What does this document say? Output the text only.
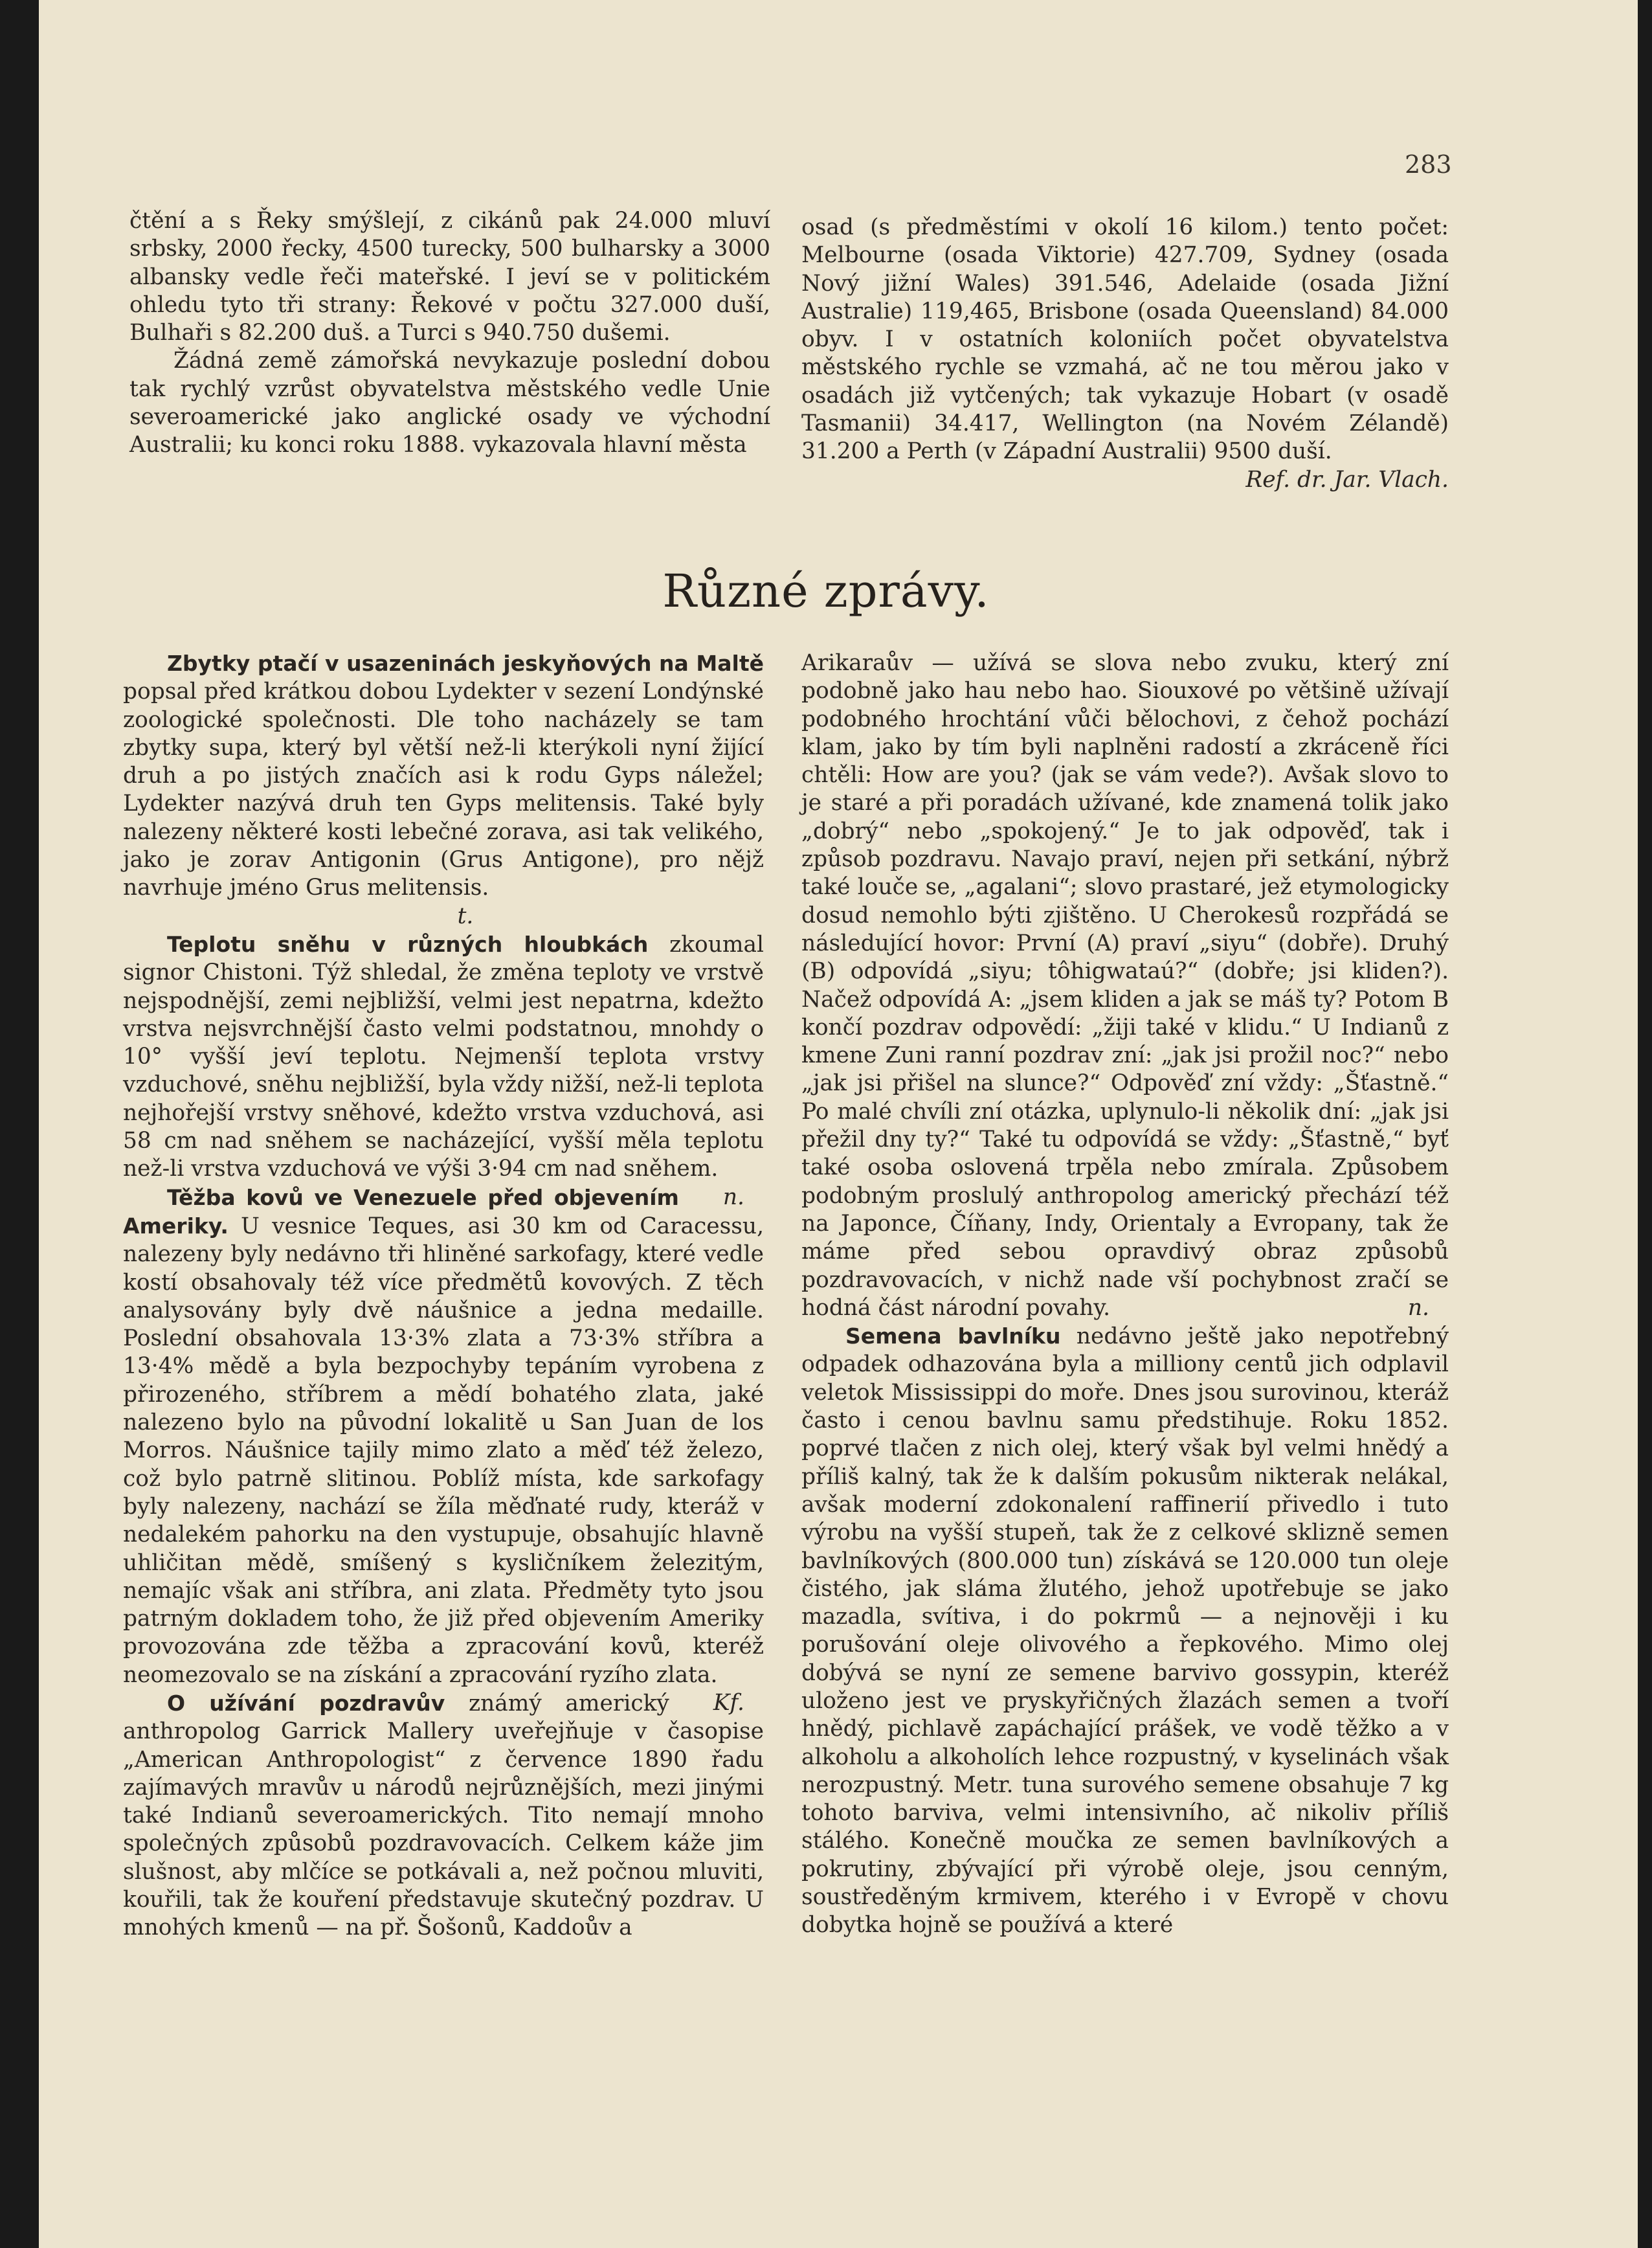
283

čtění a s Řeky smýšlejí, z cikánů pak 24.000 mluví srbsky, 2000 řecky, 4500 turecky, 500 bulharsky a 3000 albansky vedle řeči mateřské. I jeví se v politickém ohledu tyto tři strany: Řekové v počtu 327.000 duší, Bulhaři s 82.200 duš. a Turci s 940.750 dušemi.

Žádná země zámořská nevykazuje poslední dobou tak rychlý vzrůst obyvatelstva městského vedle Unie severoamerické jako anglické osady ve východní Australii; ku konci roku 1888. vykazovala hlavní města

osad (s předměstími v okolí 16 kilom.) tento počet: Melbourne (osada Viktorie) 427.709, Sydney (osada Nový jižní Wales) 391.546, Adelaide (osada Jižní Australie) 119,465, Brisbone (osada Queensland) 84.000 obyv. I v ostatních koloniích počet obyvatelstva městského rychle se vzmahá, ač ne tou měrou jako v osadách již vytčených; tak vykazuje Hobart (v osadě Tasmanii) 34.417, Wellington (na Novém Zélandě) 31.200 a Perth (v Západní Australii) 9500 duší.

Ref. dr. Jar. Vlach.

Různé zprávy.

Zbytky ptačí v usazeninách jeskyňových na Maltě popsal před krátkou dobou Lydekter v sezení Londýnské zoologické společnosti. Dle toho nacházely se tam zbytky supa, který byl větší než-li kterýkoli nyní žijící druh a po jistých značích asi k rodu Gyps náležel; Lydekter nazývá druh ten Gyps melitensis. Také byly nalezeny některé kosti lebečné zorava, asi tak velikého, jako je zorav Antigonin (Grus Antigone), pro nějž navrhuje jméno Grus melitensis.

t.

Teplotu sněhu v různých hloubkách zkoumal signor Chistoni. Týž shledal, že změna teploty ve vrstvě nejspodnější, zemi nejbližší, velmi jest nepatrna, kdežto vrstva nejsvrchnější často velmi podstatnou, mnohdy o 10° vyšší jeví teplotu. Nejmenší teplota vrstvy vzduchové, sněhu nejbližší, byla vždy nižší, než-li teplota nejhořejší vrstvy sněhové, kdežto vrstva vzduchová, asi 58 cm nad sněhem se nacházející, vyšší měla teplotu než-li vrstva vzduchová ve výši 3·94 cm nad sněhem.
n.

Těžba kovů ve Venezuele před objevením Ameriky. U vesnice Teques, asi 30 km od Caracessu, nalezeny byly nedávno tři hliněné sarkofagy, které vedle kostí obsahovaly též více předmětů kovových. Z těch analysovány byly dvě náušnice a jedna medaille. Poslední obsahovala 13·3% zlata a 73·3% stříbra a 13·4% mědě a byla bezpochyby tepáním vyrobena z přirozeného, stříbrem a mědí bohatého zlata, jaké nalezeno bylo na původní lokalitě u San Juan de los Morros. Náušnice tajily mimo zlato a měď též železo, což bylo patrně slitinou. Poblíž místa, kde sarkofagy byly nalezeny, nachází se žíla měďnaté rudy, kteráž v nedalekém pahorku na den vystupuje, obsahujíc hlavně uhličitan mědě, smíšený s kysličníkem železitým, nemajíc však ani stříbra, ani zlata. Předměty tyto jsou patrným dokladem toho, že již před objevením Ameriky provozována zde těžba a zpracování kovů, kteréž neomezovalo se na získání a zpracování ryzího zlata.
Kf.

O užívání pozdravův známý americký anthropolog Garrick Mallery uveřejňuje v časopise „American Anthropologist“ z července 1890 řadu zajímavých mravův u národů nejrůznějších, mezi jinými také Indianů severoamerických. Tito nemají mnoho společných způsobů pozdravovacích. Celkem káže jim slušnost, aby mlčíce se potkávali a, než počnou mluviti, kouřili, tak že kouření představuje skutečný pozdrav. U mnohých kmenů — na př. Šošonů, Kaddoův a

Arikaraův — užívá se slova nebo zvuku, který zní podobně jako hau nebo hao. Siouxové po většině užívají podobného hrochtání vůči bělochovi, z čehož pochází klam, jako by tím byli naplněni radostí a zkráceně říci chtěli: How are you? (jak se vám vede?). Avšak slovo to je staré a při poradách užívané, kde znamená tolik jako „dobrý“ nebo „spokojený.“ Je to jak odpověď, tak i způsob pozdravu. Navajo praví, nejen při setkání, nýbrž také louče se, „agalani“; slovo prastaré, jež etymologicky dosud nemohlo býti zjištěno. U Cherokesů rozpřádá se následující hovor: První (A) praví „siyu“ (dobře). Druhý (B) odpovídá „siyu; tôhigwataú?“ (dobře; jsi kliden?). Načež odpovídá A: „jsem kliden a jak se máš ty? Potom B končí pozdrav odpovědí: „žiji také v klidu.“ U Indianů z kmene Zuni ranní pozdrav zní: „jak jsi prožil noc?“ nebo „jak jsi přišel na slunce?“ Odpověď zní vždy: „Šťastně.“ Po malé chvíli zní otázka, uplynulo-li několik dní: „jak jsi přežil dny ty?“ Také tu odpovídá se vždy: „Šťastně,“ byť také osoba oslovená trpěla nebo zmírala. Způsobem podobným proslulý anthropolog americký přechází též na Japonce, Číňany, Indy, Orientaly a Evropany, tak že máme před sebou opravdivý obraz způsobů pozdravovacích, v nichž nade vší pochybnost zračí se hodná část národní povahy.	n.

Semena bavlníku nedávno ještě jako nepotřebný odpadek odhazována byla a milliony centů jich odplavil veletok Mississippi do moře. Dnes jsou surovinou, kteráž často i cenou bavlnu samu předstihuje. Roku 1852. poprvé tlačen z nich olej, který však byl velmi hnědý a příliš kalný, tak že k dalším pokusům nikterak nelákal, avšak moderní zdokonalení raffinerií přivedlo i tuto výrobu na vyšší stupeň, tak že z celkové sklizně semen bavlníkových (800.000 tun) získává se 120.000 tun oleje čistého, jak sláma žlutého, jehož upotřebuje se jako mazadla, svítiva, i do pokrmů — a nejnověji i ku porušování oleje olivového a řepkového. Mimo olej dobývá se nyní ze semene barvivo gossypin, kteréž uloženo jest ve pryskyřičných žlazách semen a tvoří hnědý, pichlavě zapáchající prášek, ve vodě těžko a v alkoholu a alkoholích lehce rozpustný, v kyselinách však nerozpustný. Metr. tuna surového semene obsahuje 7 kg tohoto barviva, velmi intensivního, ač nikoliv příliš stálého. Konečně moučka ze semen bavlníkových a pokrutiny, zbývající při výrobě oleje, jsou cenným, soustředěným krmivem, kterého i v Evropě v chovu dobytka hojně se používá a které
